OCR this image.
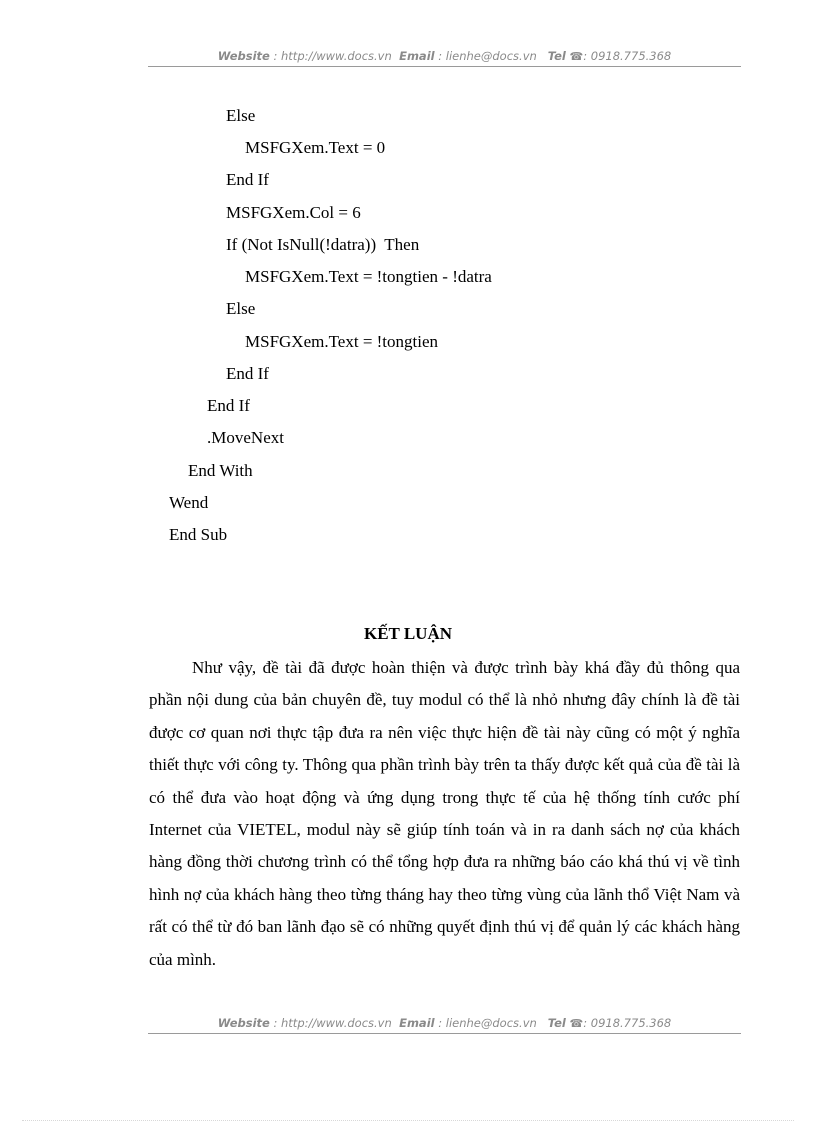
Website : http://www.docs.vn Email : lienhe@docs.vn Tel ☎: 0918.775.368
Else
MSFGXem.Text = 0
End If
MSFGXem.Col = 6
If (Not IsNull(!datra))  Then
MSFGXem.Text = !tongtien - !datra
Else
MSFGXem.Text = !tongtien
End If
End If
.MoveNext
End With
Wend
End Sub
KẾT LUẬN
Như vậy, đề tài đã được hoàn thiện và được trình bày khá đầy đủ thông qua phần nội dung của bản chuyên đề, tuy modul có thể là nhỏ nhưng đây chính là đề tài được cơ quan nơi thực tập đưa ra nên việc thực hiện đề tài này cũng có một ý nghĩa thiết thực với công ty. Thông qua phần trình bày trên ta thấy được kết quả của đề tài là có thể đưa vào hoạt động và ứng dụng trong thực tế của hệ thống tính cước phí Internet của VIETEL, modul này sẽ giúp tính toán và in ra danh sách nợ của khách hàng đồng thời chương trình có thể tổng hợp đưa ra những báo cáo khá thú vị về tình hình nợ của khách hàng theo từng tháng hay theo từng vùng của lãnh thổ Việt Nam và rất có thể từ đó ban lãnh đạo sẽ có những quyết định thú vị để quản lý các khách hàng của mình.
Website : http://www.docs.vn Email : lienhe@docs.vn Tel ☎: 0918.775.368
